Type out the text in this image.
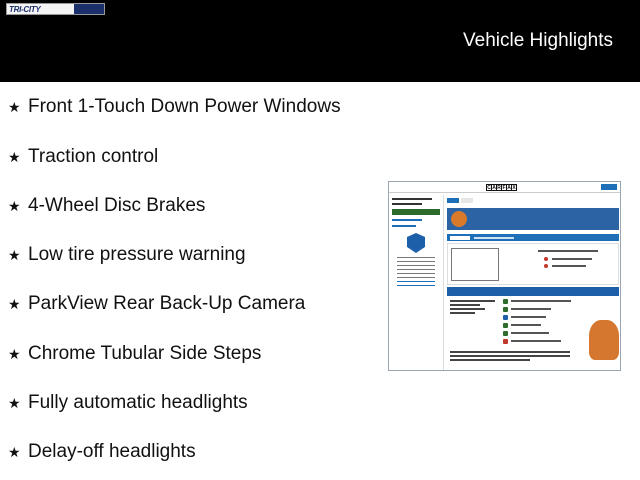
TRI-CITY
Vehicle Highlights
★ Front 1-Touch Down Power Windows
★ Traction control
★ 4-Wheel Disc Brakes
★ Low tire pressure warning
★ ParkView Rear Back-Up Camera
★ Chrome Tubular Side Steps
★ Fully automatic headlights
★ Delay-off headlights
C A R F A X
